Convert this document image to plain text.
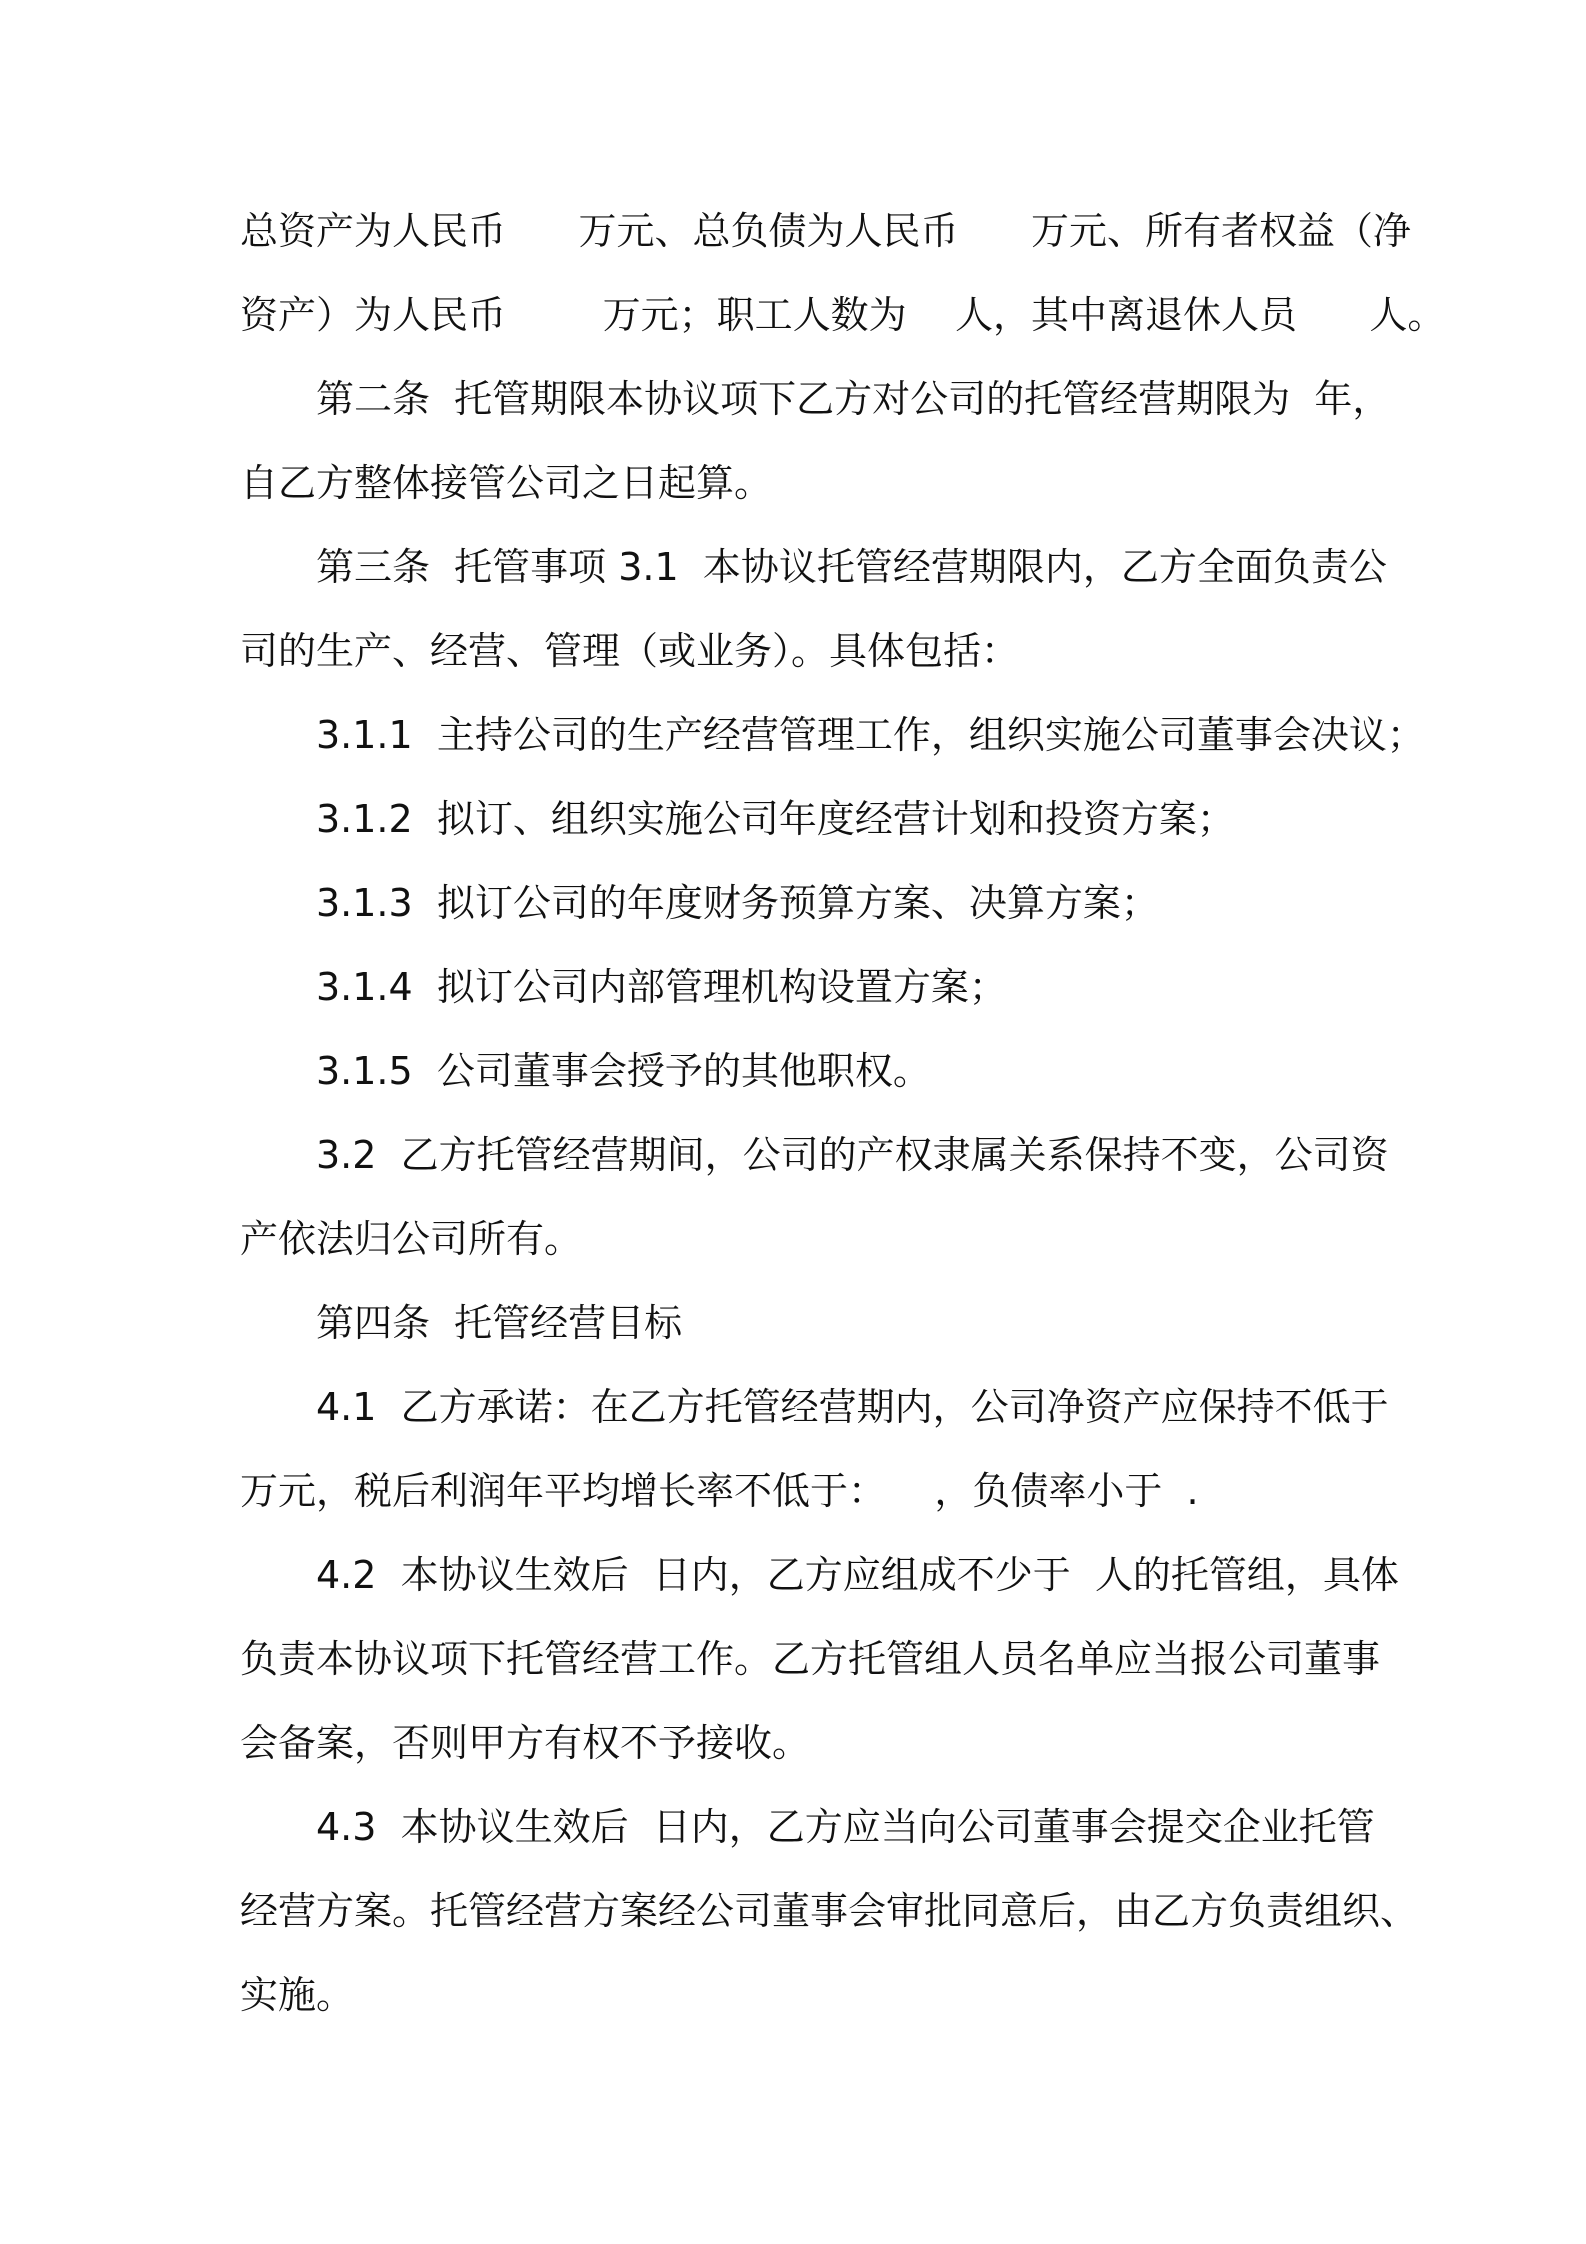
总资产为人民币      万元、总负债为人民币      万元、所有者权益（净
资产）为人民币        万元；职工人数为    人，其中离退休人员      人。
第二条  托管期限本协议项下乙方对公司的托管经营期限为  年，
自乙方整体接管公司之日起算。
第三条  托管事项 3.1  本协议托管经营期限内，乙方全面负责公
司的生产、经营、管理（或业务）。具体包括：
3.1.1  主持公司的生产经营管理工作，组织实施公司董事会决议；
3.1.2  拟订、组织实施公司年度经营计划和投资方案；
3.1.3  拟订公司的年度财务预算方案、决算方案；
3.1.4  拟订公司内部管理机构设置方案；
3.1.5  公司董事会授予的其他职权。
3.2  乙方托管经营期间，公司的产权隶属关系保持不变，公司资
产依法归公司所有。
第四条  托管经营目标
4.1  乙方承诺：在乙方托管经营期内，公司净资产应保持不低于
万元，税后利润年平均增长率不低于：    ，负债率小于  .
4.2  本协议生效后  日内，乙方应组成不少于  人的托管组，具体
负责本协议项下托管经营工作。乙方托管组人员名单应当报公司董事
会备案，否则甲方有权不予接收。
4.3  本协议生效后  日内，乙方应当向公司董事会提交企业托管
经营方案。托管经营方案经公司董事会审批同意后，由乙方负责组织、
实施。
